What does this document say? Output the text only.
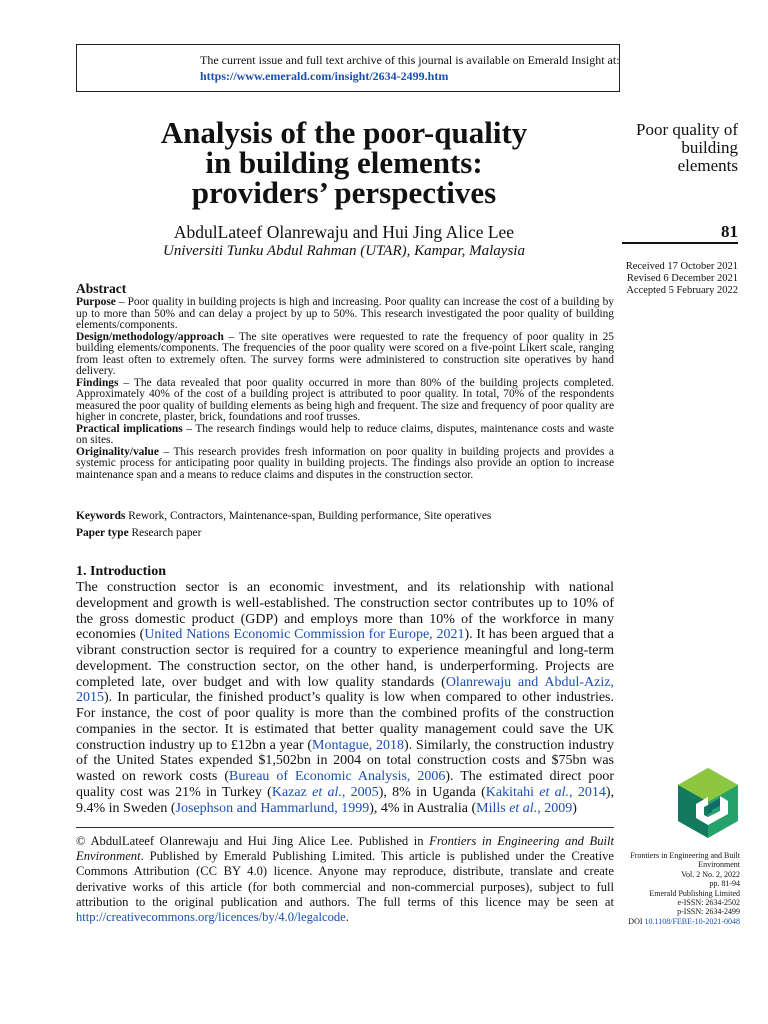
The current issue and full text archive of this journal is available on Emerald Insight at:
https://www.emerald.com/insight/2634-2499.htm
Analysis of the poor-quality
in building elements:
providers’ perspectives
AbdulLateef Olanrewaju and Hui Jing Alice Lee
Universiti Tunku Abdul Rahman (UTAR), Kampar, Malaysia
Poor quality of
building
elements
81
Received 17 October 2021
Revised 6 December 2021
Accepted 5 February 2022
Abstract

Purpose – Poor quality in building projects is high and increasing. Poor quality can increase the cost of a building by up to more than 50% and can delay a project by up to 50%. This research investigated the poor quality of building elements/components.

Design/methodology/approach – The site operatives were requested to rate the frequency of poor quality in 25 building elements/components. The frequencies of the poor quality were scored on a five-point Likert scale, ranging from least often to extremely often. The survey forms were administered to construction site operatives by hand delivery.

Findings – The data revealed that poor quality occurred in more than 80% of the building projects completed. Approximately 40% of the cost of a building project is attributed to poor quality. In total, 70% of the respondents measured the poor quality of building elements as being high and frequent. The size and frequency of poor quality are higher in concrete, plaster, brick, foundations and roof trusses.

Practical implications – The research findings would help to reduce claims, disputes, maintenance costs and waste on sites.

Originality/value – This research provides fresh information on poor quality in building projects and provides a systemic process for anticipating poor quality in building projects. The findings also provide an option to increase maintenance span and a means to reduce claims and disputes in the construction sector.

Keywords Rework, Contractors, Maintenance-span, Building performance, Site operatives
Paper type Research paper
1. Introduction

The construction sector is an economic investment, and its relationship with national development and growth is well-established. The construction sector contributes up to 10% of the gross domestic product (GDP) and employs more than 10% of the workforce in many economies (United Nations Economic Commission for Europe, 2021). It has been argued that a vibrant construction sector is required for a country to experience meaningful and long-term development. The construction sector, on the other hand, is underperforming. Projects are completed late, over budget and with low quality standards (Olanrewaju and Abdul-Aziz, 2015). In particular, the finished product’s quality is low when compared to other industries. For instance, the cost of poor quality is more than the combined profits of the construction companies in the sector. It is estimated that better quality management could save the UK construction industry up to £12bn a year (Montague, 2018). Similarly, the construction industry of the United States expended $1,502bn in 2004 on total construction costs and $75bn was wasted on rework costs (Bureau of Economic Analysis, 2006). The estimated direct poor quality cost was 21% in Turkey (Kazaz et al., 2005), 8% in Uganda (Kakitahi et al., 2014), 9.4% in Sweden (Josephson and Hammarlund, 1999), 4% in Australia (Mills et al., 2009)

© AbdulLateef Olanrewaju and Hui Jing Alice Lee. Published in Frontiers in Engineering and Built Environment. Published by Emerald Publishing Limited. This article is published under the Creative Commons Attribution (CC BY 4.0) licence. Anyone may reproduce, distribute, translate and create derivative works of this article (for both commercial and non-commercial purposes), subject to full attribution to the original publication and authors. The full terms of this licence may be seen at http://creativecommons.org/licences/by/4.0/legalcode.
Frontiers in Engineering and Built
Environment
Vol. 2 No. 2, 2022
pp. 81-94
Emerald Publishing Limited
e-ISSN: 2634-2502
p-ISSN: 2634-2499
DOI 10.1108/FEBE-10-2021-0048
